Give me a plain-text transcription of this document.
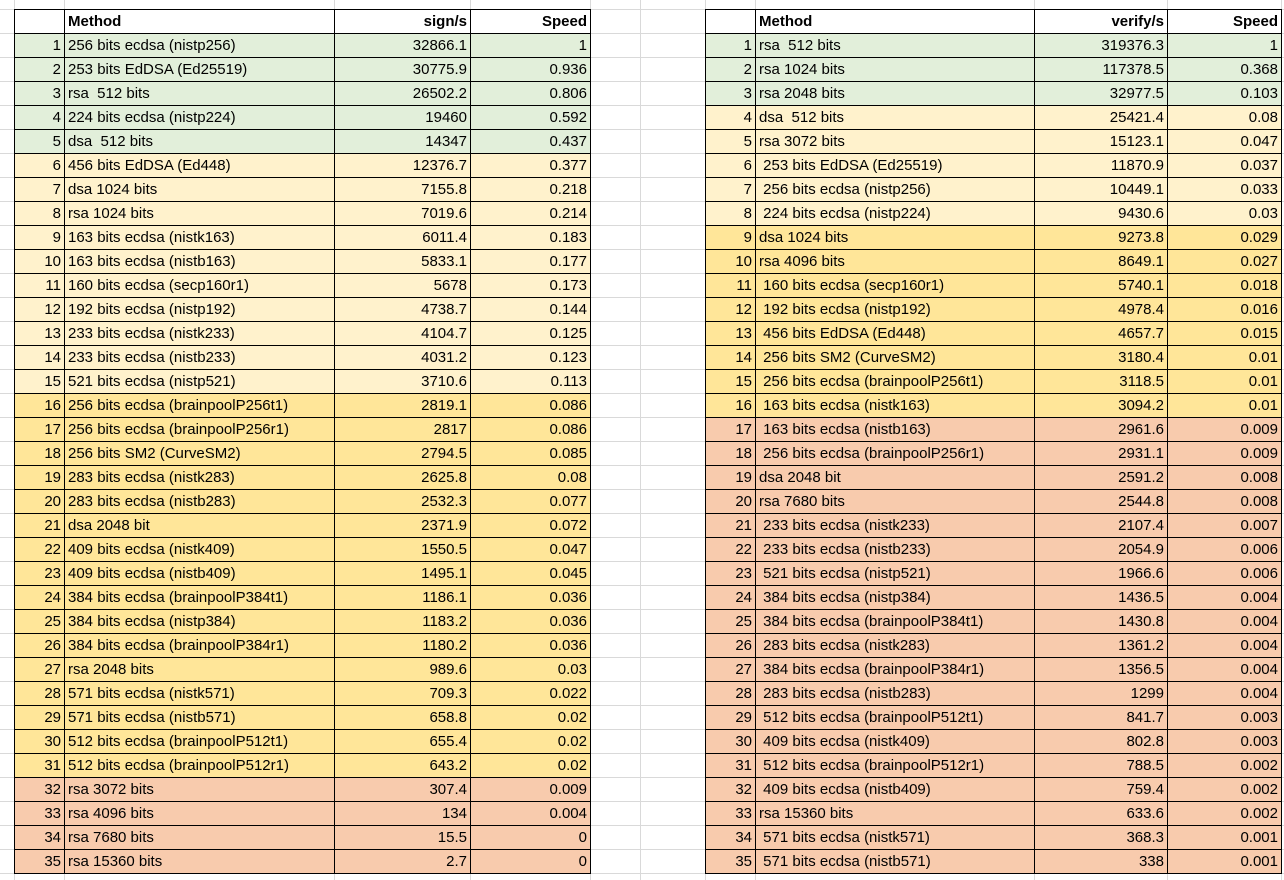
	Method	sign/s	Speed
1	256 bits ecdsa (nistp256)	32866.1	1
2	253 bits EdDSA (Ed25519)	30775.9	0.936
3	rsa  512 bits	26502.2	0.806
4	224 bits ecdsa (nistp224)	19460	0.592
5	dsa  512 bits	14347	0.437
6	456 bits EdDSA (Ed448)	12376.7	0.377
7	dsa 1024 bits	7155.8	0.218
8	rsa 1024 bits	7019.6	0.214
9	163 bits ecdsa (nistk163)	6011.4	0.183
10	163 bits ecdsa (nistb163)	5833.1	0.177
11	160 bits ecdsa (secp160r1)	5678	0.173
12	192 bits ecdsa (nistp192)	4738.7	0.144
13	233 bits ecdsa (nistk233)	4104.7	0.125
14	233 bits ecdsa (nistb233)	4031.2	0.123
15	521 bits ecdsa (nistp521)	3710.6	0.113
16	256 bits ecdsa (brainpoolP256t1)	2819.1	0.086
17	256 bits ecdsa (brainpoolP256r1)	2817	0.086
18	256 bits SM2 (CurveSM2)	2794.5	0.085
19	283 bits ecdsa (nistk283)	2625.8	0.08
20	283 bits ecdsa (nistb283)	2532.3	0.077
21	dsa 2048 bit	2371.9	0.072
22	409 bits ecdsa (nistk409)	1550.5	0.047
23	409 bits ecdsa (nistb409)	1495.1	0.045
24	384 bits ecdsa (brainpoolP384t1)	1186.1	0.036
25	384 bits ecdsa (nistp384)	1183.2	0.036
26	384 bits ecdsa (brainpoolP384r1)	1180.2	0.036
27	rsa 2048 bits	989.6	0.03
28	571 bits ecdsa (nistk571)	709.3	0.022
29	571 bits ecdsa (nistb571)	658.8	0.02
30	512 bits ecdsa (brainpoolP512t1)	655.4	0.02
31	512 bits ecdsa (brainpoolP512r1)	643.2	0.02
32	rsa 3072 bits	307.4	0.009
33	rsa 4096 bits	134	0.004
34	rsa 7680 bits	15.5	0
35	rsa 15360 bits	2.7	0
	Method	verify/s	Speed
1	rsa  512 bits	319376.3	1
2	rsa 1024 bits	117378.5	0.368
3	rsa 2048 bits	32977.5	0.103
4	dsa  512 bits	25421.4	0.08
5	rsa 3072 bits	15123.1	0.047
6	253 bits EdDSA (Ed25519)	11870.9	0.037
7	256 bits ecdsa (nistp256)	10449.1	0.033
8	224 bits ecdsa (nistp224)	9430.6	0.03
9	dsa 1024 bits	9273.8	0.029
10	rsa 4096 bits	8649.1	0.027
11	160 bits ecdsa (secp160r1)	5740.1	0.018
12	192 bits ecdsa (nistp192)	4978.4	0.016
13	456 bits EdDSA (Ed448)	4657.7	0.015
14	256 bits SM2 (CurveSM2)	3180.4	0.01
15	256 bits ecdsa (brainpoolP256t1)	3118.5	0.01
16	163 bits ecdsa (nistk163)	3094.2	0.01
17	163 bits ecdsa (nistb163)	2961.6	0.009
18	256 bits ecdsa (brainpoolP256r1)	2931.1	0.009
19	dsa 2048 bit	2591.2	0.008
20	rsa 7680 bits	2544.8	0.008
21	233 bits ecdsa (nistk233)	2107.4	0.007
22	233 bits ecdsa (nistb233)	2054.9	0.006
23	521 bits ecdsa (nistp521)	1966.6	0.006
24	384 bits ecdsa (nistp384)	1436.5	0.004
25	384 bits ecdsa (brainpoolP384t1)	1430.8	0.004
26	283 bits ecdsa (nistk283)	1361.2	0.004
27	384 bits ecdsa (brainpoolP384r1)	1356.5	0.004
28	283 bits ecdsa (nistb283)	1299	0.004
29	512 bits ecdsa (brainpoolP512t1)	841.7	0.003
30	409 bits ecdsa (nistk409)	802.8	0.003
31	512 bits ecdsa (brainpoolP512r1)	788.5	0.002
32	409 bits ecdsa (nistb409)	759.4	0.002
33	rsa 15360 bits	633.6	0.002
34	571 bits ecdsa (nistk571)	368.3	0.001
35	571 bits ecdsa (nistb571)	338	0.001
